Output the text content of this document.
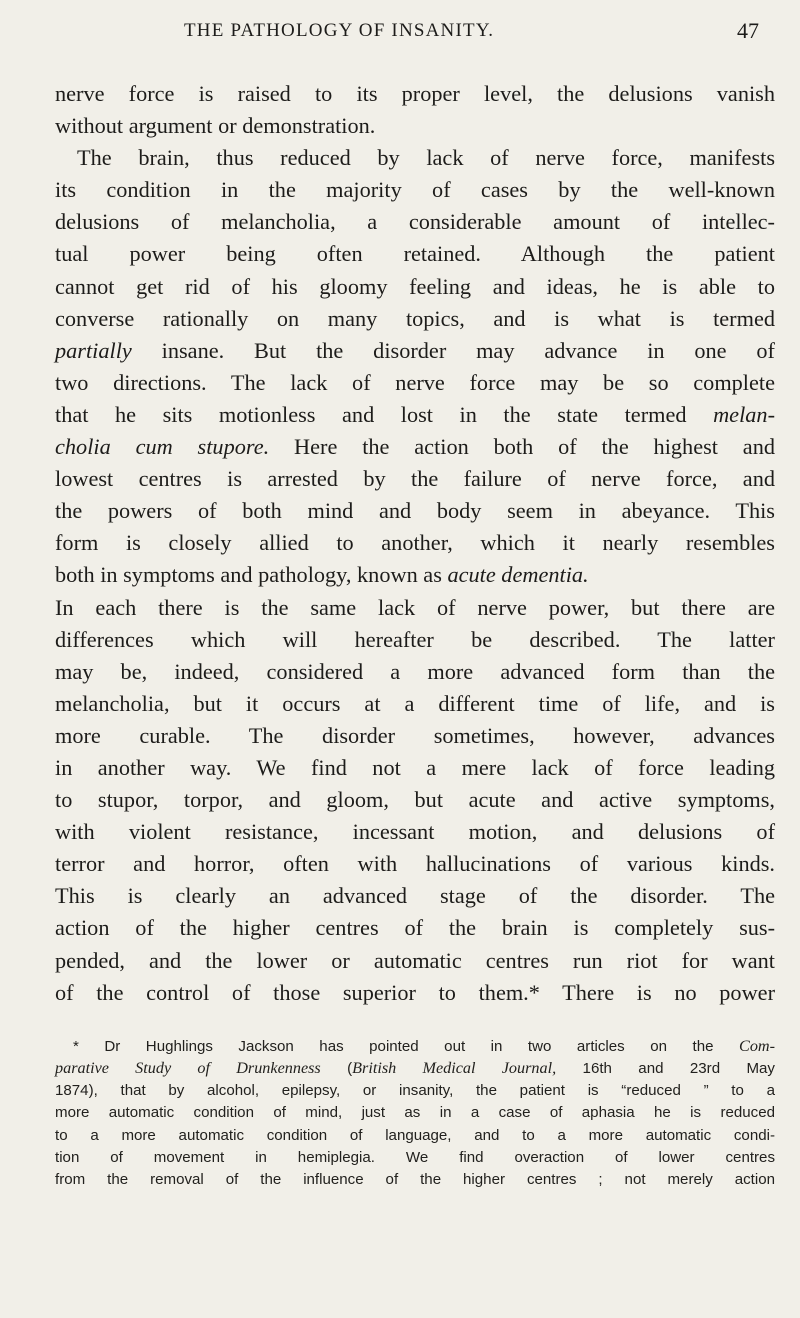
THE PATHOLOGY OF INSANITY.	47
nerve force is raised to its proper level, the delusions vanish
without argument or demonstration.
The brain, thus reduced by lack of nerve force, manifests
its condition in the majority of cases by the well-known
delusions of melancholia, a considerable amount of intellec-
tual power being often retained. Although the patient
cannot get rid of his gloomy feeling and ideas, he is able to
converse rationally on many topics, and is what is termed
partially insane. But the disorder may advance in one of
two directions. The lack of nerve force may be so complete
that he sits motionless and lost in the state termed melan-
cholia cum stupore. Here the action both of the highest and
lowest centres is arrested by the failure of nerve force, and
the powers of both mind and body seem in abeyance. This
form is closely allied to another, which it nearly resembles
both in symptoms and pathology, known as acute dementia.
In each there is the same lack of nerve power, but there are
differences which will hereafter be described. The latter
may be, indeed, considered a more advanced form than the
melancholia, but it occurs at a different time of life, and is
more curable. The disorder sometimes, however, advances
in another way. We find not a mere lack of force leading
to stupor, torpor, and gloom, but acute and active symptoms,
with violent resistance, incessant motion, and delusions of
terror and horror, often with hallucinations of various kinds.
This is clearly an advanced stage of the disorder. The
action of the higher centres of the brain is completely sus-
pended, and the lower or automatic centres run riot for want
of the control of those superior to them.* There is no power
* Dr Hughlings Jackson has pointed out in two articles on the Com-
parative Study of Drunkenness (British Medical Journal, 16th and 23rd May
1874), that by alcohol, epilepsy, or insanity, the patient is “reduced ” to a
more automatic condition of mind, just as in a case of aphasia he is reduced
to a more automatic condition of language, and to a more automatic condi-
tion of movement in hemiplegia. We find overaction of lower centres
from the removal of the influence of the higher centres ; not merely action
